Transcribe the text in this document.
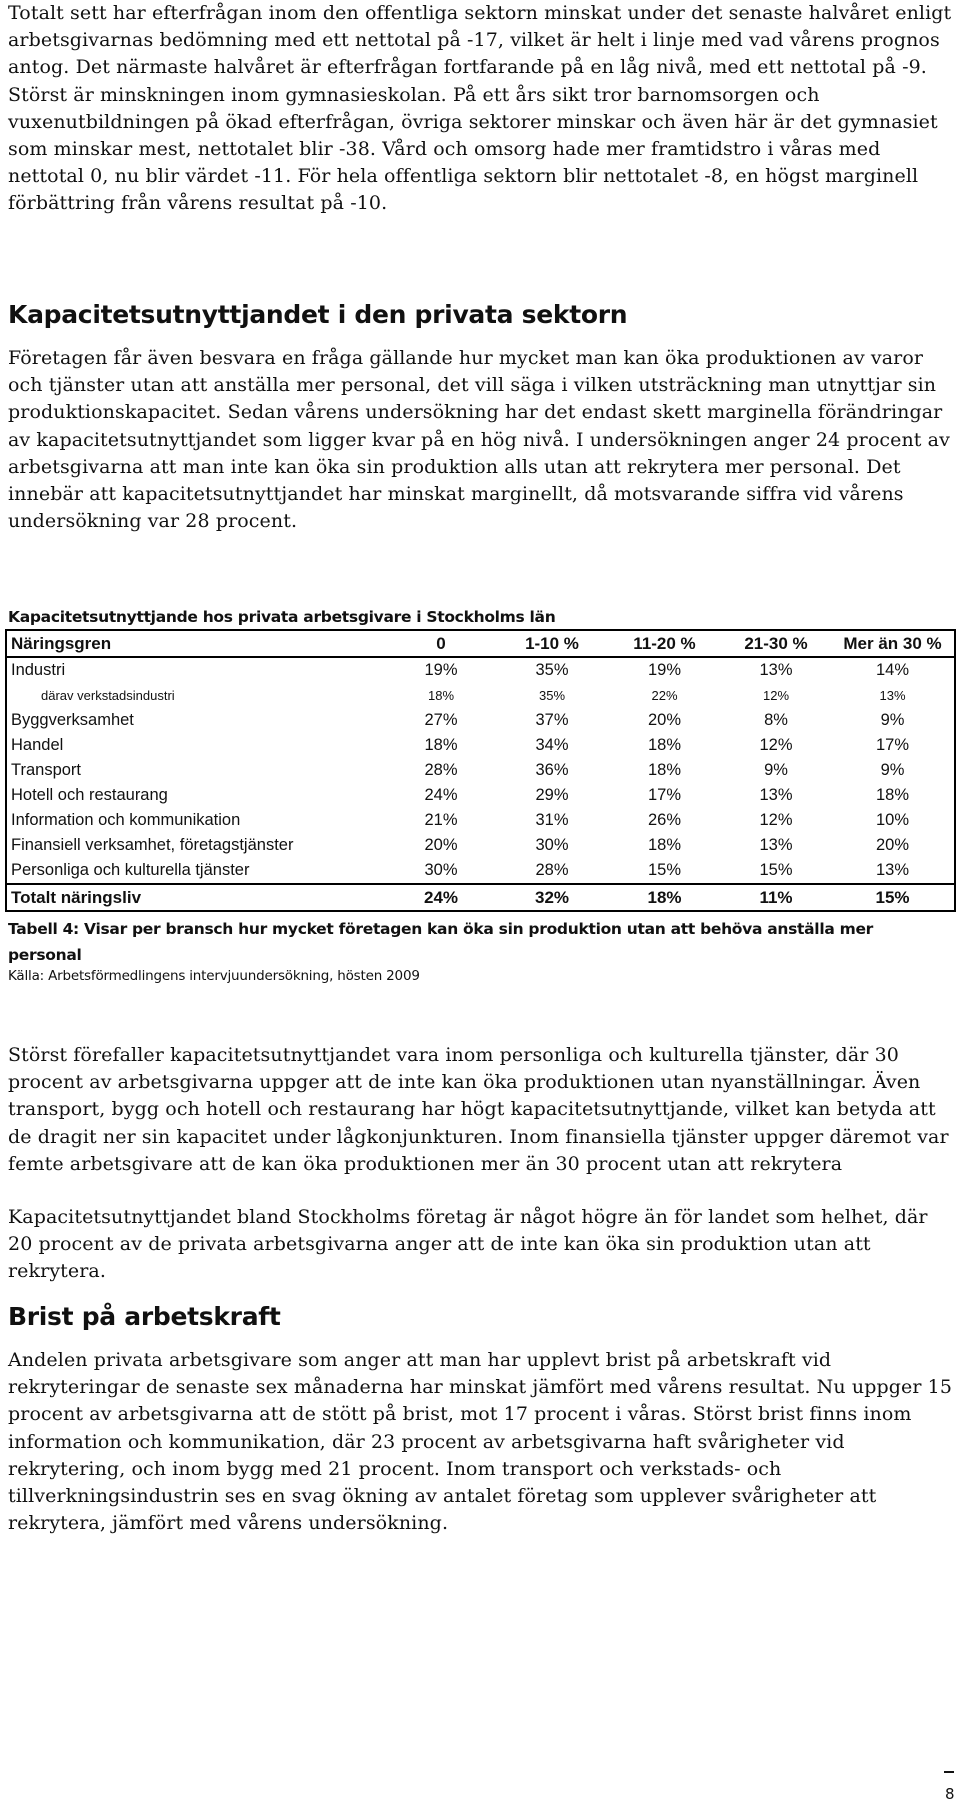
Totalt sett har efterfrågan inom den offentliga sektorn minskat under det senaste halvåret enligt arbetsgivarnas bedömning med ett nettotal på -17, vilket är helt i linje med vad vårens prognos antog. Det närmaste halvåret är efterfrågan fortfarande på en låg nivå, med ett nettotal på -9. Störst är minskningen inom gymnasieskolan. På ett års sikt tror barnomsorgen och vuxenutbildningen på ökad efterfrågan, övriga sektorer minskar och även här är det gymnasiet som minskar mest, nettotalet blir -38. Vård och omsorg hade mer framtidstro i våras med nettotal 0, nu blir värdet -11. För hela offentliga sektorn blir nettotalet -8, en högst marginell förbättring från vårens resultat på -10.

Kapacitetsutnyttjandet i den privata sektorn

Företagen får även besvara en fråga gällande hur mycket man kan öka produktionen av varor och tjänster utan att anställa mer personal, det vill säga i vilken utsträckning man utnyttjar sin produktionskapacitet. Sedan vårens undersökning har det endast skett marginella förändringar av kapacitetsutnyttjandet som ligger kvar på en hög nivå. I undersökningen anger 24 procent av arbetsgivarna att man inte kan öka sin produktion alls utan att rekrytera mer personal. Det innebär att kapacitetsutnyttjandet har minskat marginellt, då motsvarande siffra vid vårens undersökning var 28 procent.

Kapacitetsutnyttjande hos privata arbetsgivare i Stockholms län
Näringsgren	0	1-10 %	11-20 %	21-30 %	Mer än 30 %
Industri	19%	35%	19%	13%	14%
därav verkstadsindustri	18%	35%	22%	12%	13%
Byggverksamhet	27%	37%	20%	8%	9%
Handel	18%	34%	18%	12%	17%
Transport	28%	36%	18%	9%	9%
Hotell och restaurang	24%	29%	17%	13%	18%
Information och kommunikation	21%	31%	26%	12%	10%
Finansiell verksamhet, företagstjänster	20%	30%	18%	13%	20%
Personliga och kulturella tjänster	30%	28%	15%	15%	13%
Totalt näringsliv	24%	32%	18%	11%	15%
Tabell 4: Visar per bransch hur mycket företagen kan öka sin produktion utan att behöva anställa mer personal
Källa: Arbetsförmedlingens intervjuundersökning, hösten 2009

Störst förefaller kapacitetsutnyttjandet vara inom personliga och kulturella tjänster, där 30 procent av arbetsgivarna uppger att de inte kan öka produktionen utan nyanställningar. Även transport, bygg och hotell och restaurang har högt kapacitetsutnyttjande, vilket kan betyda att de dragit ner sin kapacitet under lågkonjunkturen. Inom finansiella tjänster uppger däremot var femte arbetsgivare att de kan öka produktionen mer än 30 procent utan att rekrytera

Kapacitetsutnyttjandet bland Stockholms företag är något högre än för landet som helhet, där 20 procent av de privata arbetsgivarna anger att de inte kan öka sin produktion utan att rekrytera.

Brist på arbetskraft

Andelen privata arbetsgivare som anger att man har upplevt brist på arbetskraft vid rekryteringar de senaste sex månaderna har minskat jämfört med vårens resultat. Nu uppger 15 procent av arbetsgivarna att de stött på brist, mot 17 procent i våras. Störst brist finns inom information och kommunikation, där 23 procent av arbetsgivarna haft svårigheter vid rekrytering, och inom bygg med 21 procent. Inom transport och verkstads- och tillverkningsindustrin ses en svag ökning av antalet företag som upplever svårigheter att rekrytera, jämfört med vårens undersökning.

8
